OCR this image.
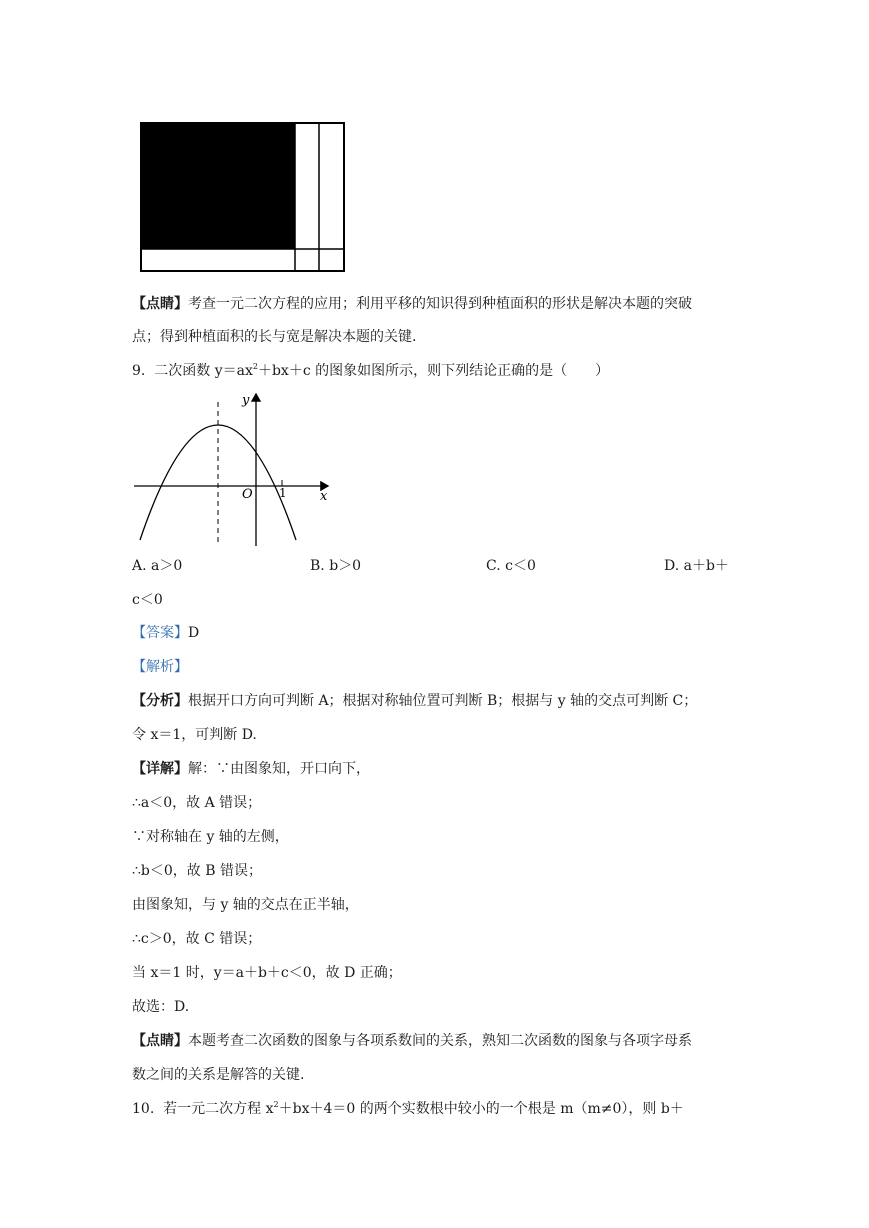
【点睛】考查一元二次方程的应用；利用平移的知识得到种植面积的形状是解决本题的突破
点；得到种植面积的长与宽是解决本题的关键.
9. 二次函数 $y=ax^2+bx+c$ 的图象如图所示，则下列结论正确的是（　　）
y
x
O 1
A. a＞0	B. b＞0	C. c＜0	D. a＋b＋
c＜0
【答案】D
【解析】
【分析】根据开口方向可判断 A；根据对称轴位置可判断 B；根据与 y 轴的交点可判断 C；
令 x＝1，可判断 D.
【详解】解：∵由图象知，开口向下，
∴a＜0，故 A 错误；
∵对称轴在 y 轴的左侧，
∴b＜0，故 B 错误；
由图象知，与 y 轴的交点在正半轴，
∴c＞0，故 C 错误；
当 x＝1 时，y＝a＋b＋c＜0，故 D 正确；
故选：D.
【点睛】本题考查二次函数的图象与各项系数间的关系，熟知二次函数的图象与各项字母系
数之间的关系是解答的关键.
10. 若一元二次方程 $x^2+bx+4=0$ 的两个实数根中较小的一个根是 m（m≠0），则 b＋
